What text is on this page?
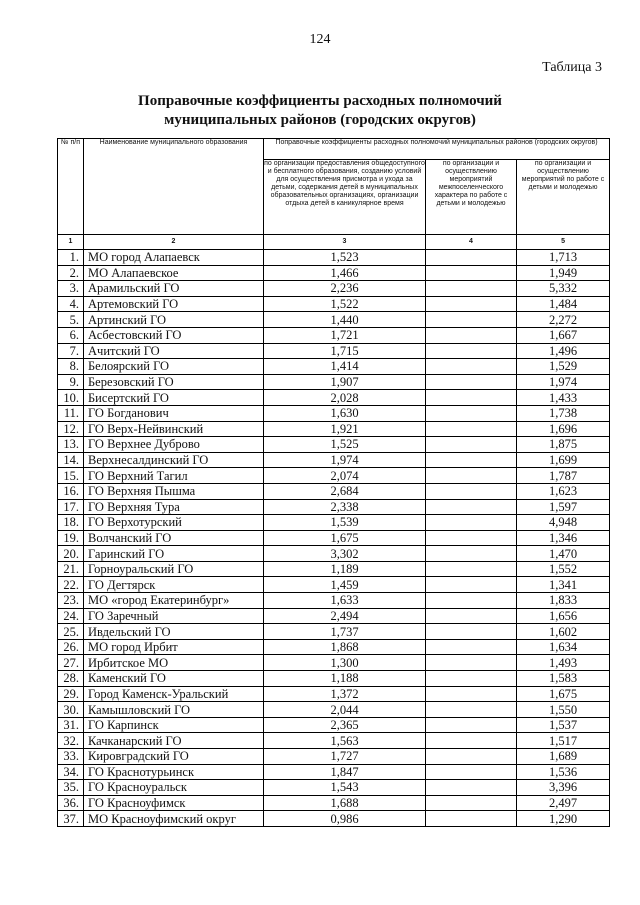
124
Таблица 3
Поправочные коэффициенты расходных полномочий
муниципальных районов (городских округов)
№ п/п	Наименование муниципального образования	Поправочные коэффициенты расходных полномочий муниципальных районов (городских округов)		
		по организации предоставления общедоступного и бесплатного образования, созданию условий для осуществления присмотра и ухода за детьми, содержания детей в муниципальных образовательных организациях, организации отдыха детей в каникулярное время	по организации и осуществлению мероприятий межпоселенческого характера по работе с детьми и молодежью	по организации и осуществлению мероприятий по работе с детьми и молодежью
1	2	3	4	5
1.	МО город Алапаевск	1,523		1,713
2.	МО Алапаевское	1,466		1,949
3.	Арамильский ГО	2,236		5,332
4.	Артемовский ГО	1,522		1,484
5.	Артинский ГО	1,440		2,272
6.	Асбестовский ГО	1,721		1,667
7.	Ачитский ГО	1,715		1,496
8.	Белоярский ГО	1,414		1,529
9.	Березовский ГО	1,907		1,974
10.	Бисертский ГО	2,028		1,433
11.	ГО Богданович	1,630		1,738
12.	ГО Верх-Нейвинский	1,921		1,696
13.	ГО Верхнее Дуброво	1,525		1,875
14.	Верхнесалдинский ГО	1,974		1,699
15.	ГО Верхний Тагил	2,074		1,787
16.	ГО Верхняя Пышма	2,684		1,623
17.	ГО Верхняя Тура	2,338		1,597
18.	ГО Верхотурский	1,539		4,948
19.	Волчанский ГО	1,675		1,346
20.	Гаринский ГО	3,302		1,470
21.	Горноуральский ГО	1,189		1,552
22.	ГО Дегтярск	1,459		1,341
23.	МО «город Екатеринбург»	1,633		1,833
24.	ГО Заречный	2,494		1,656
25.	Ивдельский ГО	1,737		1,602
26.	МО город Ирбит	1,868		1,634
27.	Ирбитское МО	1,300		1,493
28.	Каменский ГО	1,188		1,583
29.	Город Каменск-Уральский	1,372		1,675
30.	Камышловский ГО	2,044		1,550
31.	ГО Карпинск	2,365		1,537
32.	Качканарский ГО	1,563		1,517
33.	Кировградский ГО	1,727		1,689
34.	ГО Краснотурьинск	1,847		1,536
35.	ГО Красноуральск	1,543		3,396
36.	ГО Красноуфимск	1,688		2,497
37.	МО Красноуфимский округ	0,986		1,290
